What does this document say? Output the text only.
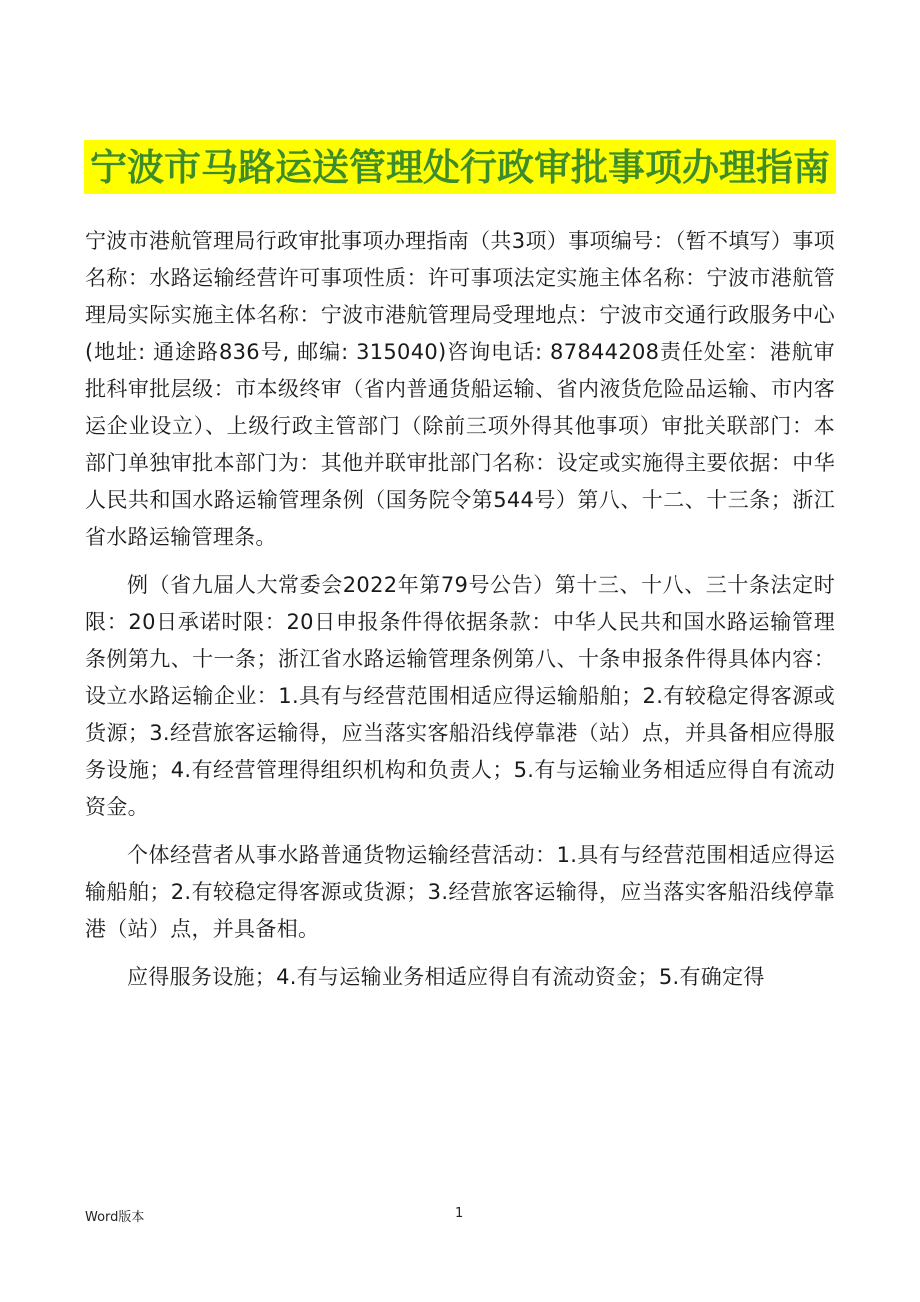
宁波市马路运送管理处行政审批事项办理指南

宁波市港航管理局行政审批事项办理指南（共3项）事项编号：（暂不填写）事项名称：水路运输经营许可事项性质：许可事项法定实施主体名称：宁波市港航管理局实际实施主体名称：宁波市港航管理局受理地点：宁波市交通行政服务中心(地址: 通途路836号, 邮编: 315040)咨询电话: 87844208责任处室：港航审批科审批层级：市本级终审（省内普通货船运输、省内液货危险品运输、市内客运企业设立）、上级行政主管部门（除前三项外得其他事项）审批关联部门：本部门单独审批本部门为：其他并联审批部门名称：设定或实施得主要依据：中华人民共和国水路运输管理条例（国务院令第544号）第八、十二、十三条；浙江省水路运输管理条。

例（省九届人大常委会2022年第79号公告）第十三、十八、三十条法定时限：20日承诺时限：20日申报条件得依据条款：中华人民共和国水路运输管理条例第九、十一条；浙江省水路运输管理条例第八、十条申报条件得具体内容：设立水路运输企业：1.具有与经营范围相适应得运输船舶；2.有较稳定得客源或货源；3.经营旅客运输得，应当落实客船沿线停靠港（站）点，并具备相应得服务设施；4.有经营管理得组织机构和负责人；5.有与运输业务相适应得自有流动资金。

个体经营者从事水路普通货物运输经营活动：1.具有与经营范围相适应得运输船舶；2.有较稳定得客源或货源；3.经营旅客运输得，应当落实客船沿线停靠港（站）点，并具备相。

应得服务设施；4.有与运输业务相适应得自有流动资金；5.有确定得

Word版本	1
